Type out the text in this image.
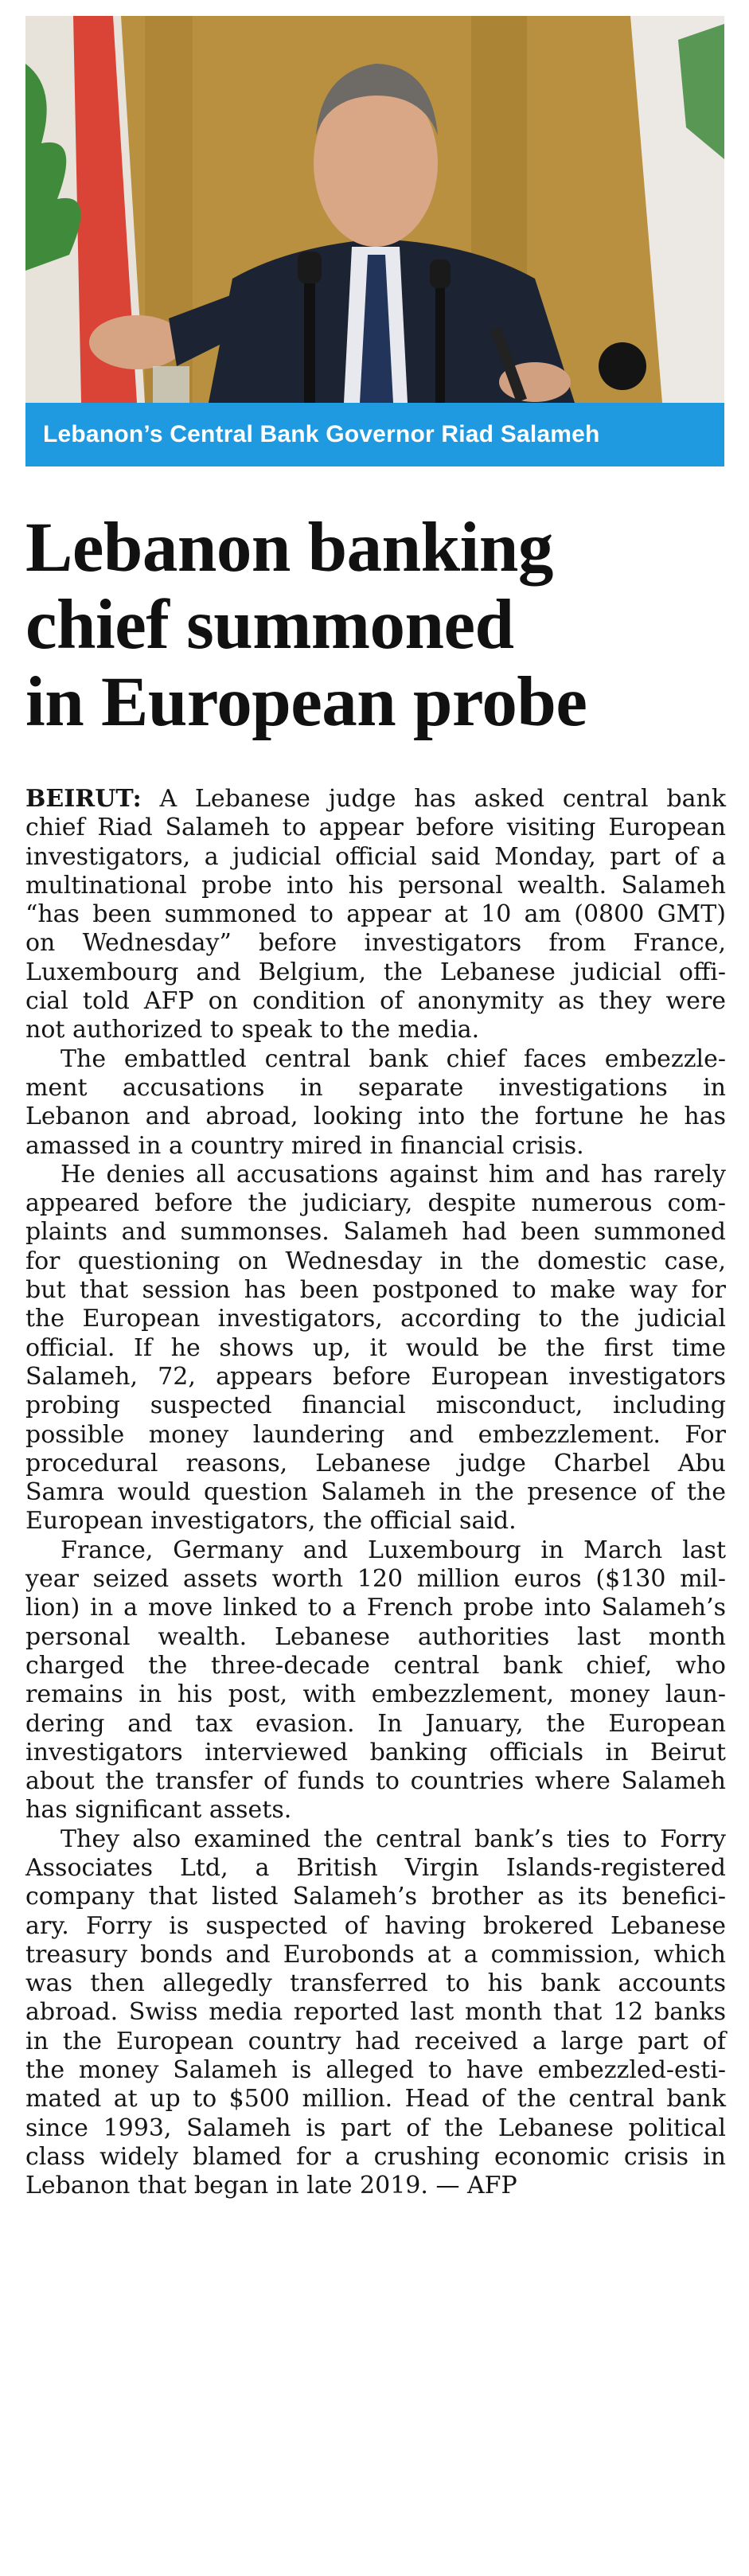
Lebanon’s Central Bank Governor Riad Salameh
Lebanon banking
chief summoned
in European probe
BEIRUT: A Lebanese judge has asked central bank
chief Riad Salameh to appear before visiting European
investigators, a judicial official said Monday, part of a
multinational probe into his personal wealth. Salameh
“has been summoned to appear at 10 am (0800 GMT)
on Wednesday” before investigators from France,
Luxembourg and Belgium, the Lebanese judicial offi-
cial told AFP on condition of anonymity as they were
not authorized to speak to the media.
The embattled central bank chief faces embezzle-
ment accusations in separate investigations in
Lebanon and abroad, looking into the fortune he has
amassed in a country mired in financial crisis.
He denies all accusations against him and has rarely
appeared before the judiciary, despite numerous com-
plaints and summonses. Salameh had been summoned
for questioning on Wednesday in the domestic case,
but that session has been postponed to make way for
the European investigators, according to the judicial
official. If he shows up, it would be the first time
Salameh, 72, appears before European investigators
probing suspected financial misconduct, including
possible money laundering and embezzlement. For
procedural reasons, Lebanese judge Charbel Abu
Samra would question Salameh in the presence of the
European investigators, the official said.
France, Germany and Luxembourg in March last
year seized assets worth 120 million euros ($130 mil-
lion) in a move linked to a French probe into Salameh’s
personal wealth. Lebanese authorities last month
charged the three-decade central bank chief, who
remains in his post, with embezzlement, money laun-
dering and tax evasion. In January, the European
investigators interviewed banking officials in Beirut
about the transfer of funds to countries where Salameh
has significant assets.
They also examined the central bank’s ties to Forry
Associates Ltd, a British Virgin Islands-registered
company that listed Salameh’s brother as its benefici-
ary. Forry is suspected of having brokered Lebanese
treasury bonds and Eurobonds at a commission, which
was then allegedly transferred to his bank accounts
abroad. Swiss media reported last month that 12 banks
in the European country had received a large part of
the money Salameh is alleged to have embezzled-esti-
mated at up to $500 million. Head of the central bank
since 1993, Salameh is part of the Lebanese political
class widely blamed for a crushing economic crisis in
Lebanon that began in late 2019. — AFP
